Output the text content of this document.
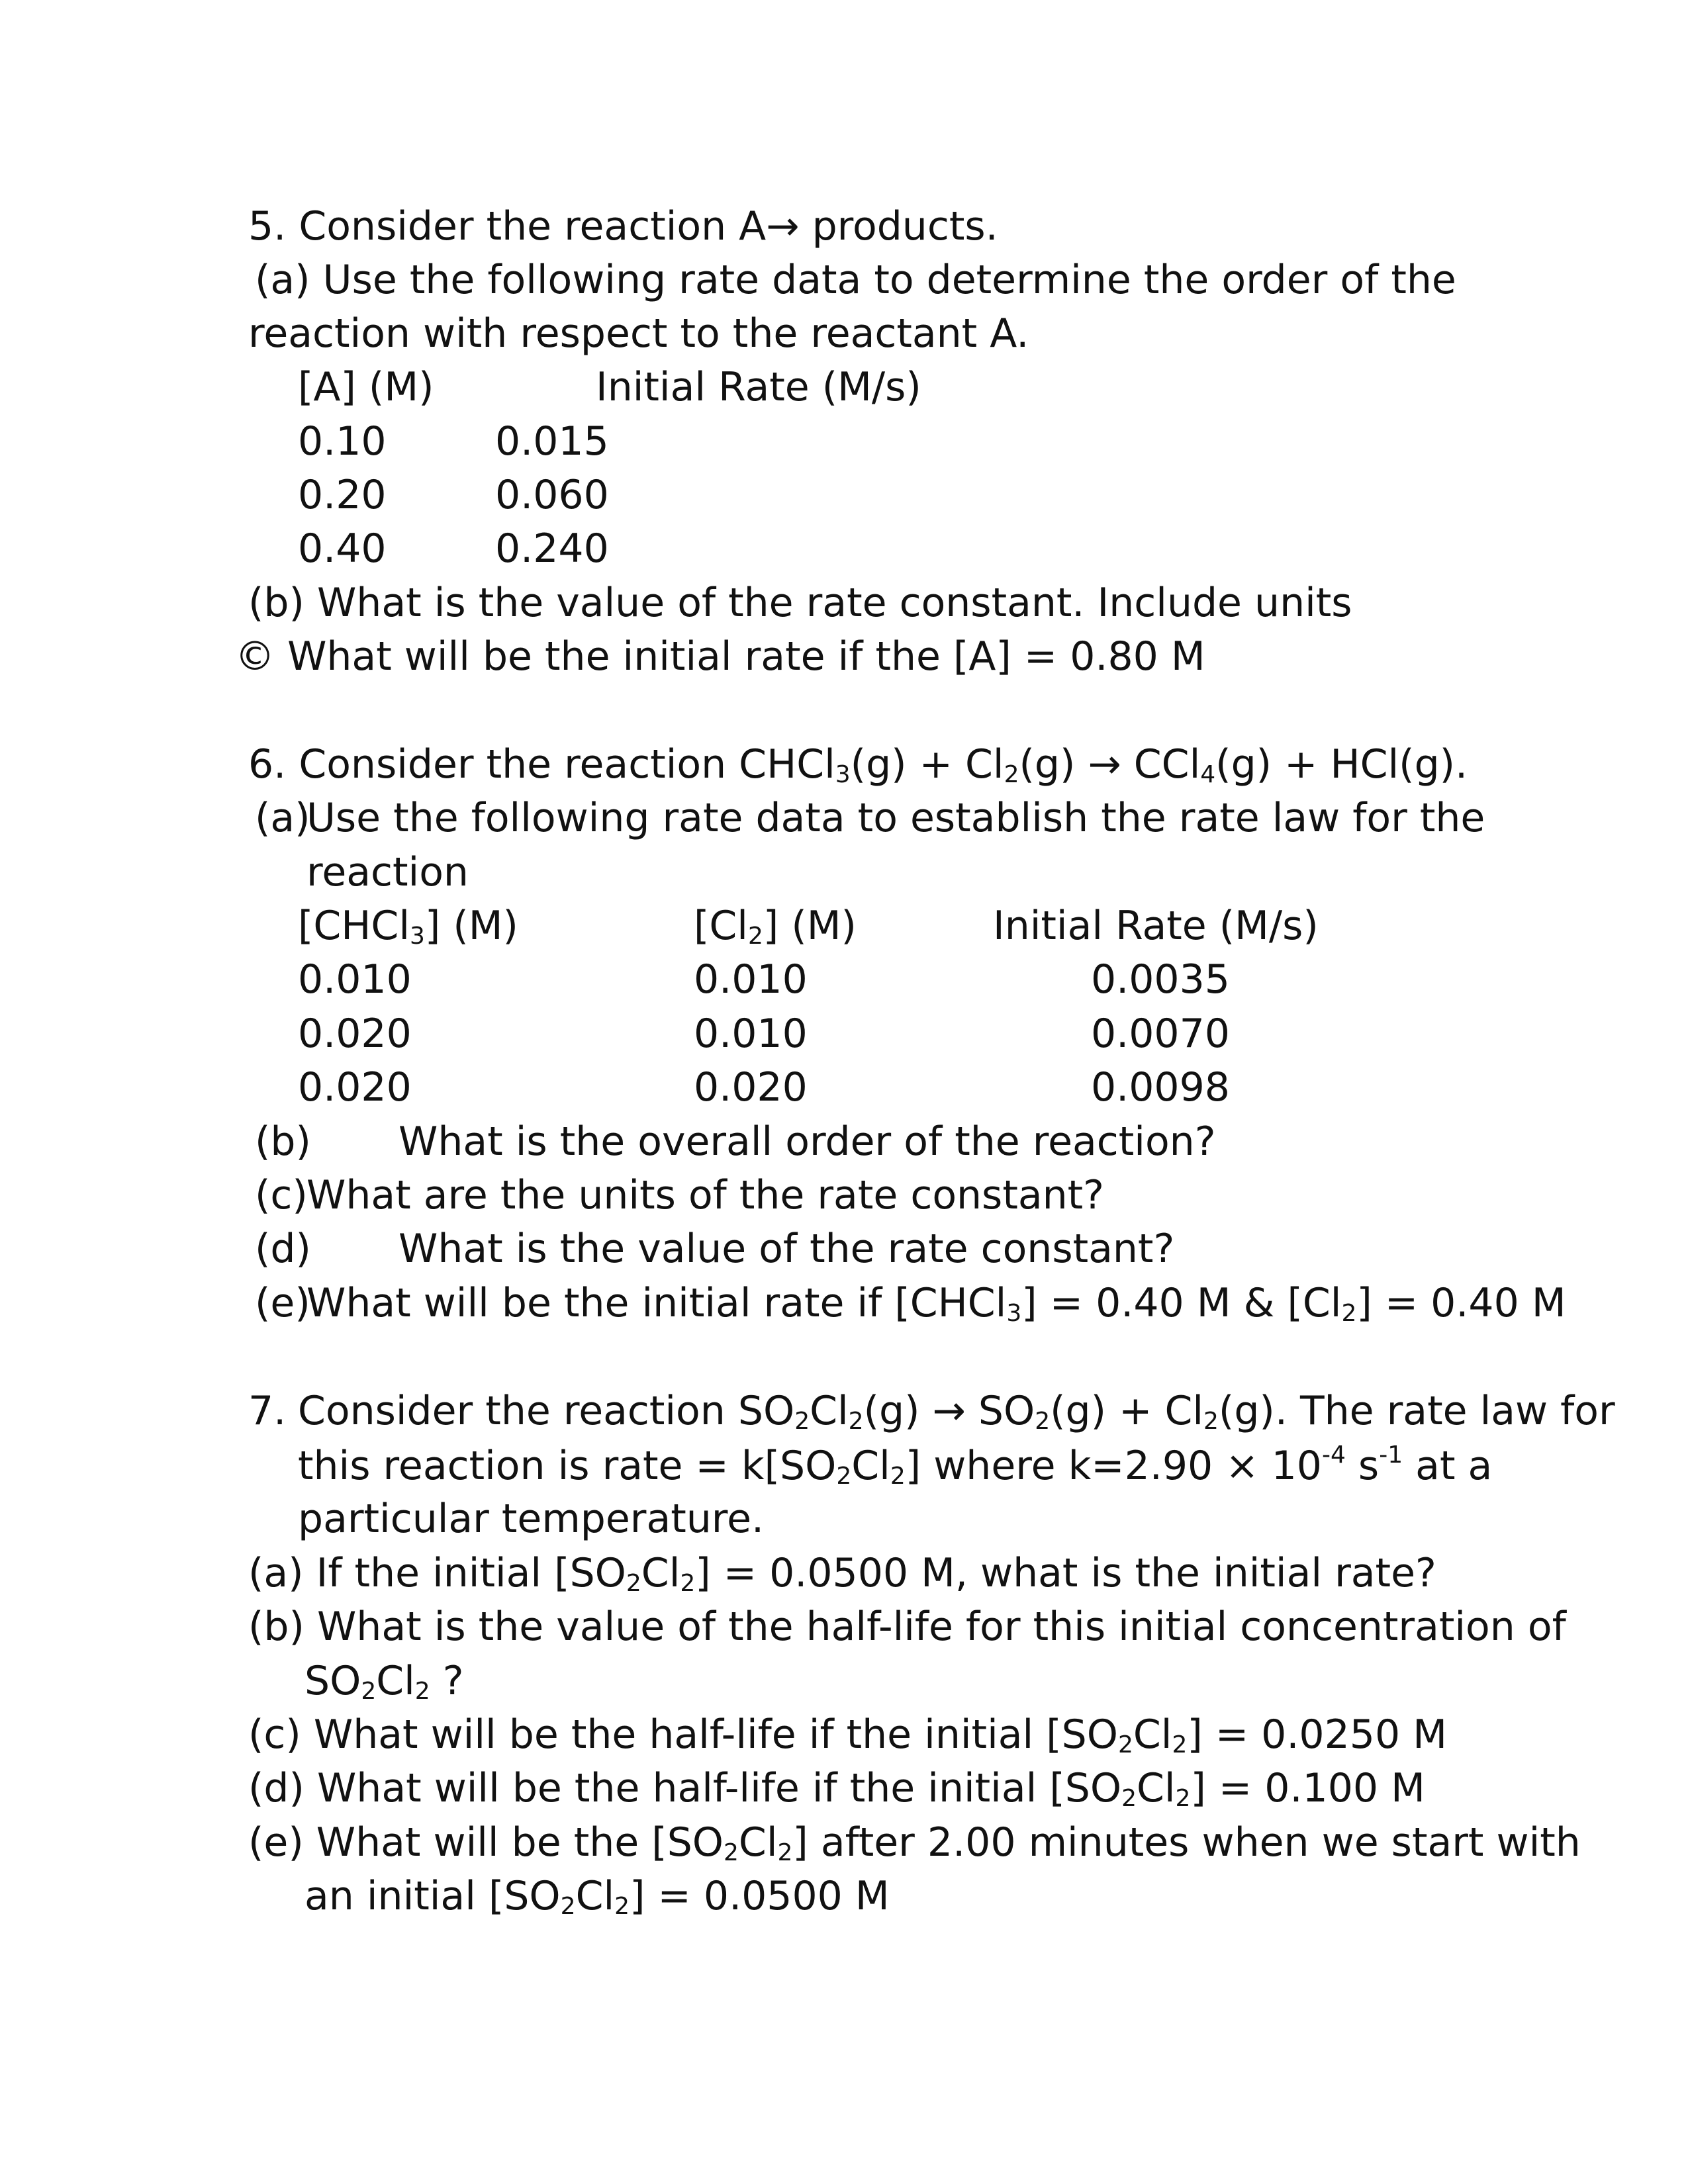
5. Consider the reaction A→ products.
(a) Use the following rate data to determine the order of the
reaction with respect to the reactant A.
[A] (M)	Initial Rate (M/s)
0.10	0.015
0.20	0.060
0.40	0.240
(b) What is the value of the rate constant. Include units
© What will be the initial rate if the [A] = 0.80 M
6. Consider the reaction CHCl$_3$(g) + $Cl_2(g) \to CCl_4(g) + HCl(g)$.
(a)
Use the following rate data to establish the rate law for the
reaction
[CHCl$_3$] (M)	$[Cl_2]$ (M)	Initial Rate (M/s)
0.010	0.010	0.0035
0.020	0.010	0.0070
0.020	0.020	0.0098
(b) What is the overall order of the reaction?
(c)
What are the units of the rate constant?
(d) What is the value of the rate constant?
(e)
What will be the initial rate if [CHCl$_3$] = 0.40 M & $[Cl_2] = 0.40$ M
7. Consider the reaction $SO_2Cl_2(g) \to SO_2(g) + Cl_2(g)$. The rate law for
this reaction is rate = $k[SO_2Cl_2]$ where $k=2.90 \times 10^{-4}$ $s^{-1}$ at a
particular temperature.
(a) If the initial $[SO_2Cl_2] = 0.0500$ M, what is the initial rate?
(b) What is the value of the half-life for this initial concentration of
$SO_2Cl_2$ ?
(c) What will be the half-life if the initial $[SO_2Cl_2] = 0.0250$ M
(d) What will be the half-life if the initial $[SO_2Cl_2] = 0.100$ M
(e) What will be the $[SO_2Cl_2]$ after 2.00 minutes when we start with
an initial $[SO_2Cl_2] = 0.0500$ M
